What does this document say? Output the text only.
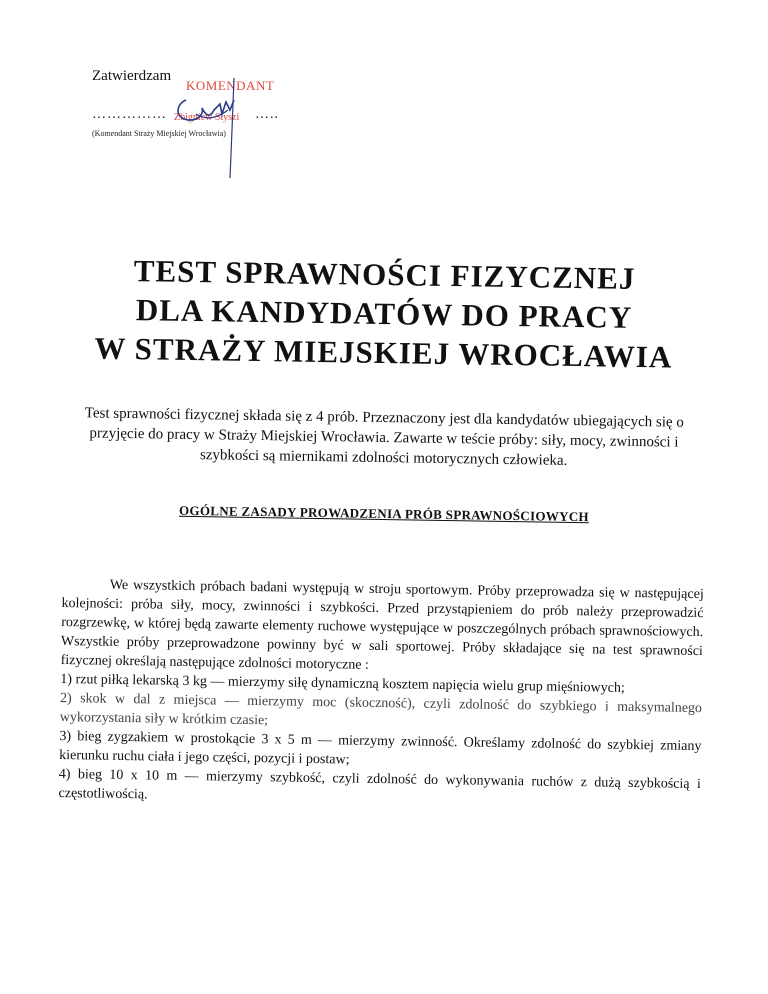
Zatwierdzam
……………	…..
(Komendant Straży Miejskiej Wrocławia)
KOMENDANT
Zbigniew Słyszi
TEST SPRAWNOŚCI FIZYCZNEJ
DLA KANDYDATÓW DO PRACY
W STRAŻY MIEJSKIEJ WROCŁAWIA
Test sprawności fizycznej składa się z 4 prób. Przeznaczony jest dla kandydatów ubiegających się o przyjęcie do pracy w Straży Miejskiej Wrocławia. Zawarte w teście próby: siły, mocy, zwinności i szybkości są miernikami zdolności motorycznych człowieka.
OGÓLNE ZASADY PROWADZENIA PRÓB SPRAWNOŚCIOWYCH

We wszystkich próbach badani występują w stroju sportowym. Próby przeprowadza się w następującej kolejności: próba siły, mocy, zwinności i szybkości. Przed przystąpieniem do prób należy przeprowadzić rozgrzewkę, w której będą zawarte elementy ruchowe występujące w poszczególnych próbach sprawnościowych. Wszystkie próby przeprowadzone powinny być w sali sportowej. Próby składające się na test sprawności fizycznej określają następujące zdolności motoryczne :

1) rzut piłką lekarską 3 kg — mierzymy siłę dynamiczną kosztem napięcia wielu grup mięśniowych;

2) skok w dal z miejsca — mierzymy moc (skoczność), czyli zdolność do szybkiego i maksymalnego wykorzystania siły w krótkim czasie;

3) bieg zygzakiem w prostokącie 3 x 5 m — mierzymy zwinność. Określamy zdolność do szybkiej zmiany kierunku ruchu ciała i jego części, pozycji i postaw;

4) bieg 10 x 10 m — mierzymy szybkość, czyli zdolność do wykonywania ruchów z dużą szybkością i częstotliwością.
